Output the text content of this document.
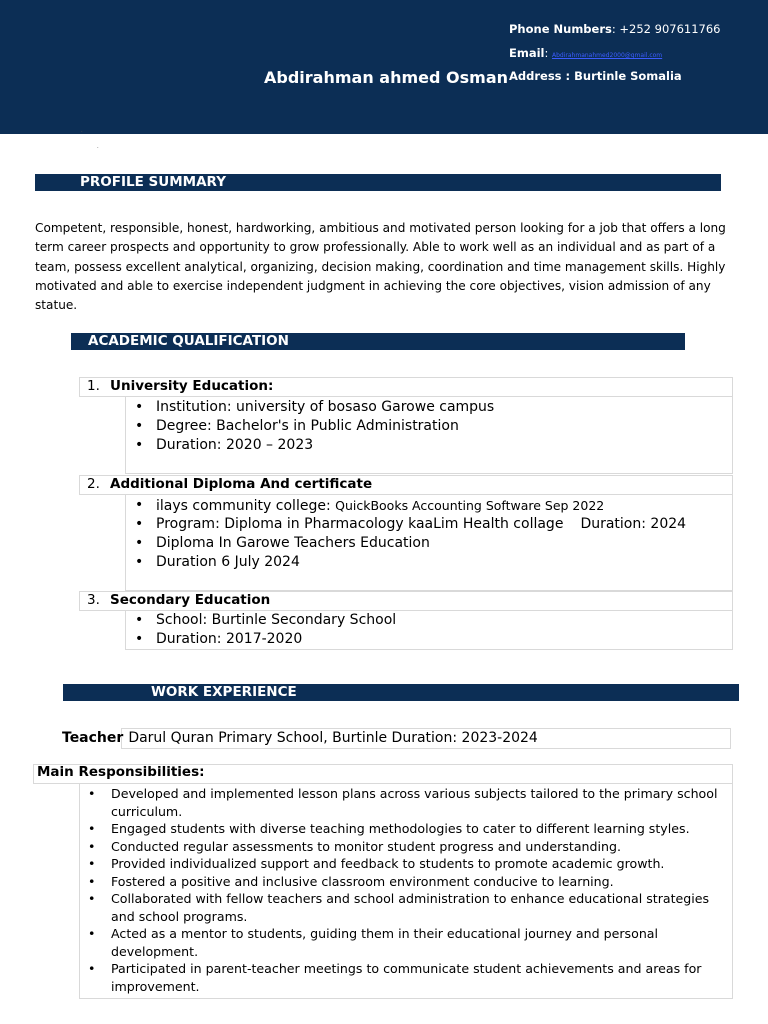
Abdirahman ahmed Osman
Phone Numbers: +252 907611766
Email: Abdirahmanahmed2000@gmail.com
Address : Burtinle Somalia
.
.
PROFILE SUMMARY
Competent, responsible, honest, hardworking, ambitious and motivated person looking for a job that offers a long term career prospects and opportunity to grow professionally. Able to work well as an individual and as part of a team, possess excellent analytical, organizing, decision making, coordination and time management skills. Highly motivated and able to exercise independent judgment in achieving the core objectives, vision admission of any statue.
ACADEMIC QUALIFICATION
1. University Education:
• Institution: university of bosaso Garowe campus
• Degree: Bachelor's in Public Administration
• Duration: 2020 – 2023
2. Additional Diploma And certificate
• ilays community college: QuickBooks Accounting Software Sep 2022
• Program: Diploma in Pharmacology kaaLim Health collage Duration: 2024
• Diploma In Garowe Teachers Education
• Duration 6 July 2024
3. Secondary Education
• School: Burtinle Secondary School
• Duration: 2017-2020
WORK EXPERIENCE
Teacher Darul Quran Primary School, Burtinle Duration: 2023-2024
Main Responsibilities:
• Developed and implemented lesson plans across various subjects tailored to the primary school curriculum.
• Engaged students with diverse teaching methodologies to cater to different learning styles.
• Conducted regular assessments to monitor student progress and understanding.
• Provided individualized support and feedback to students to promote academic growth.
• Fostered a positive and inclusive classroom environment conducive to learning.
• Collaborated with fellow teachers and school administration to enhance educational strategies and school programs.
• Acted as a mentor to students, guiding them in their educational journey and personal development.
• Participated in parent-teacher meetings to communicate student achievements and areas for improvement.
